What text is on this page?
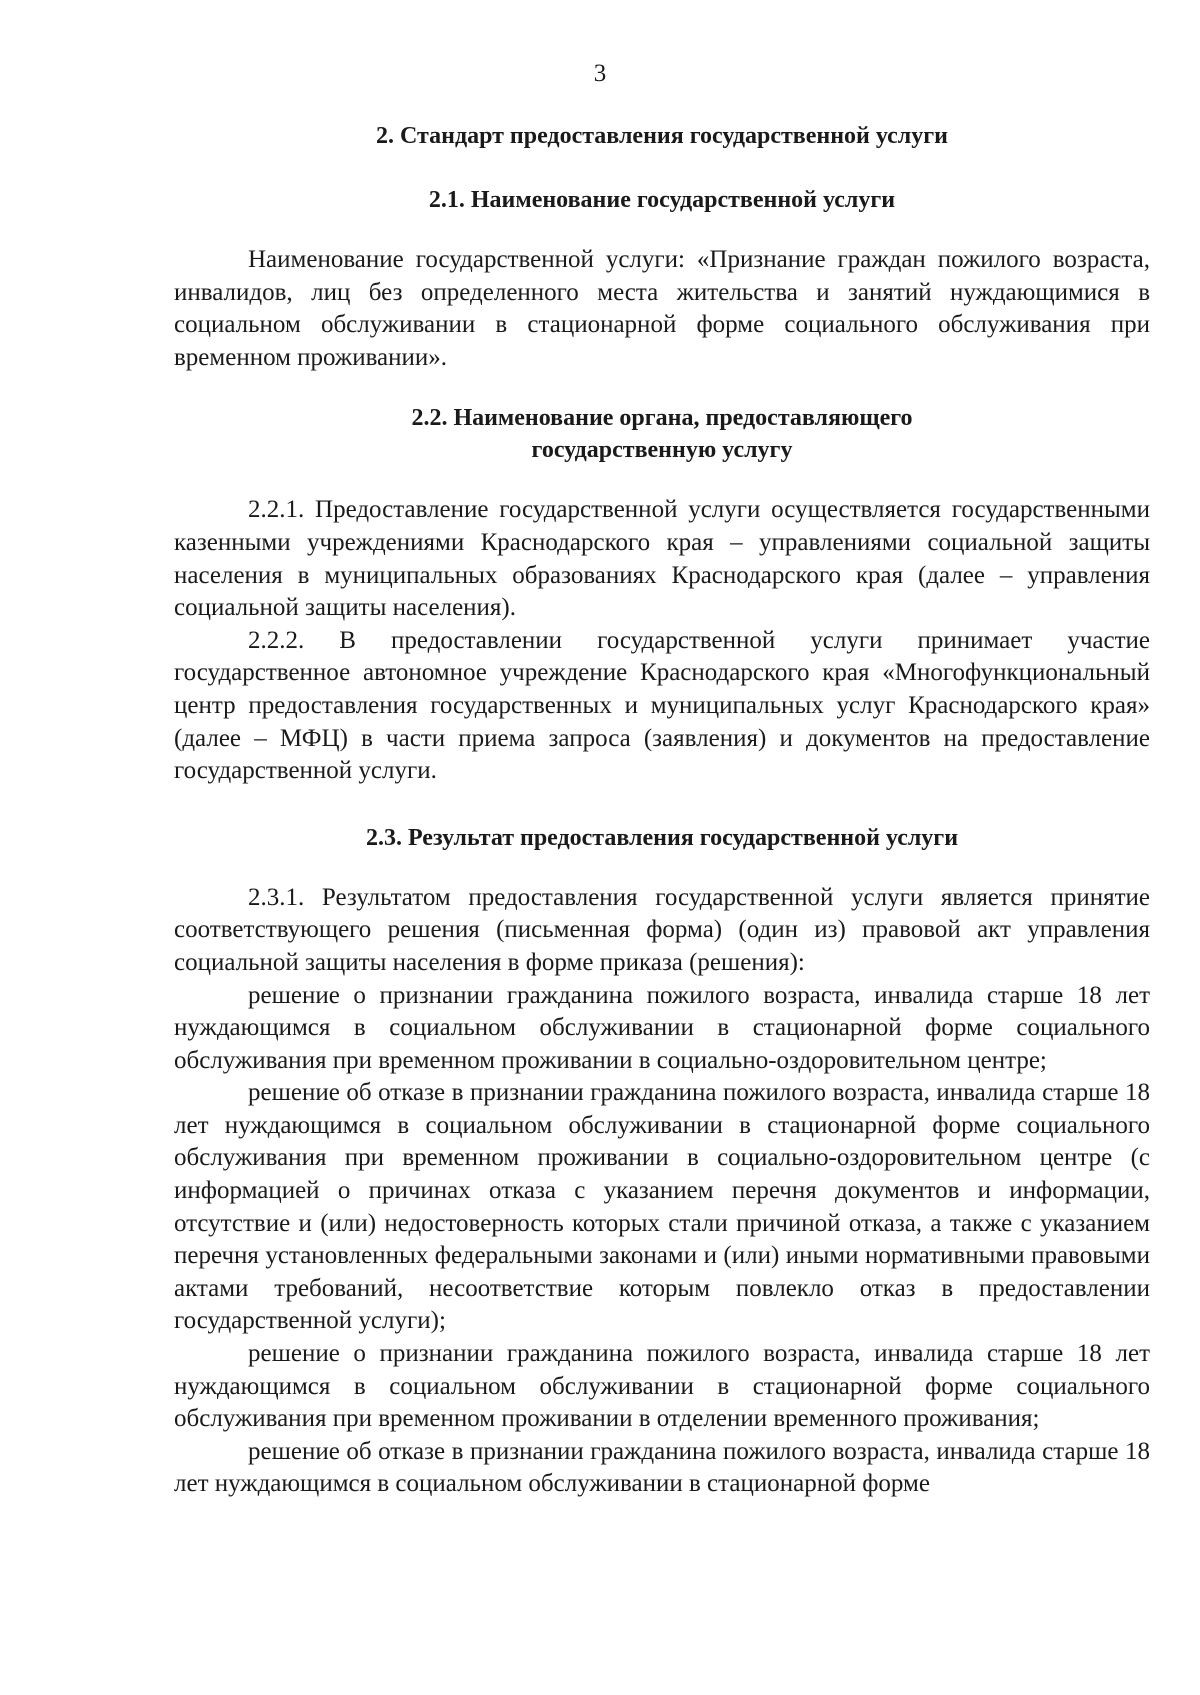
3
2. Стандарт предоставления государственной услуги
2.1. Наименование государственной услуги

Наименование государственной услуги: «Признание граждан пожилого возраста, инвалидов, лиц без определенного места жительства и занятий нуждающимися в социальном обслуживании в стационарной форме социального обслуживания при временном проживании».

2.2. Наименование органа, предоставляющего
государственную услугу

2.2.1. Предоставление государственной услуги осуществляется государственными казенными учреждениями Краснодарского края – управлениями социальной защиты населения в муниципальных образованиях Краснодарского края (далее – управления социальной защиты населения).

2.2.2. В предоставлении государственной услуги принимает участие государственное автономное учреждение Краснодарского края «Многофункциональный центр предоставления государственных и муниципальных услуг Краснодарского края» (далее – МФЦ) в части приема запроса (заявления) и документов на предоставление государственной услуги.

2.3. Результат предоставления государственной услуги

2.3.1. Результатом предоставления государственной услуги является принятие соответствующего решения (письменная форма) (один из) правовой акт управления социальной защиты населения в форме приказа (решения):

решение о признании гражданина пожилого возраста, инвалида старше 18 лет нуждающимся в социальном обслуживании в стационарной форме социального обслуживания при временном проживании в социально-оздоровительном центре;

решение об отказе в признании гражданина пожилого возраста, инвалида старше 18 лет нуждающимся в социальном обслуживании в стационарной форме социального обслуживания при временном проживании в социально-оздоровительном центре (с информацией о причинах отказа с указанием перечня документов и информации, отсутствие и (или) недостоверность которых стали причиной отказа, а также с указанием перечня установленных федеральными законами и (или) иными нормативными правовыми актами требований, несоответствие которым повлекло отказ в предоставлении государственной услуги);

решение о признании гражданина пожилого возраста, инвалида старше 18 лет нуждающимся в социальном обслуживании в стационарной форме социального обслуживания при временном проживании в отделении временного проживания;

решение об отказе в признании гражданина пожилого возраста, инвалида старше 18 лет нуждающимся в социальном обслуживании в стационарной форме
